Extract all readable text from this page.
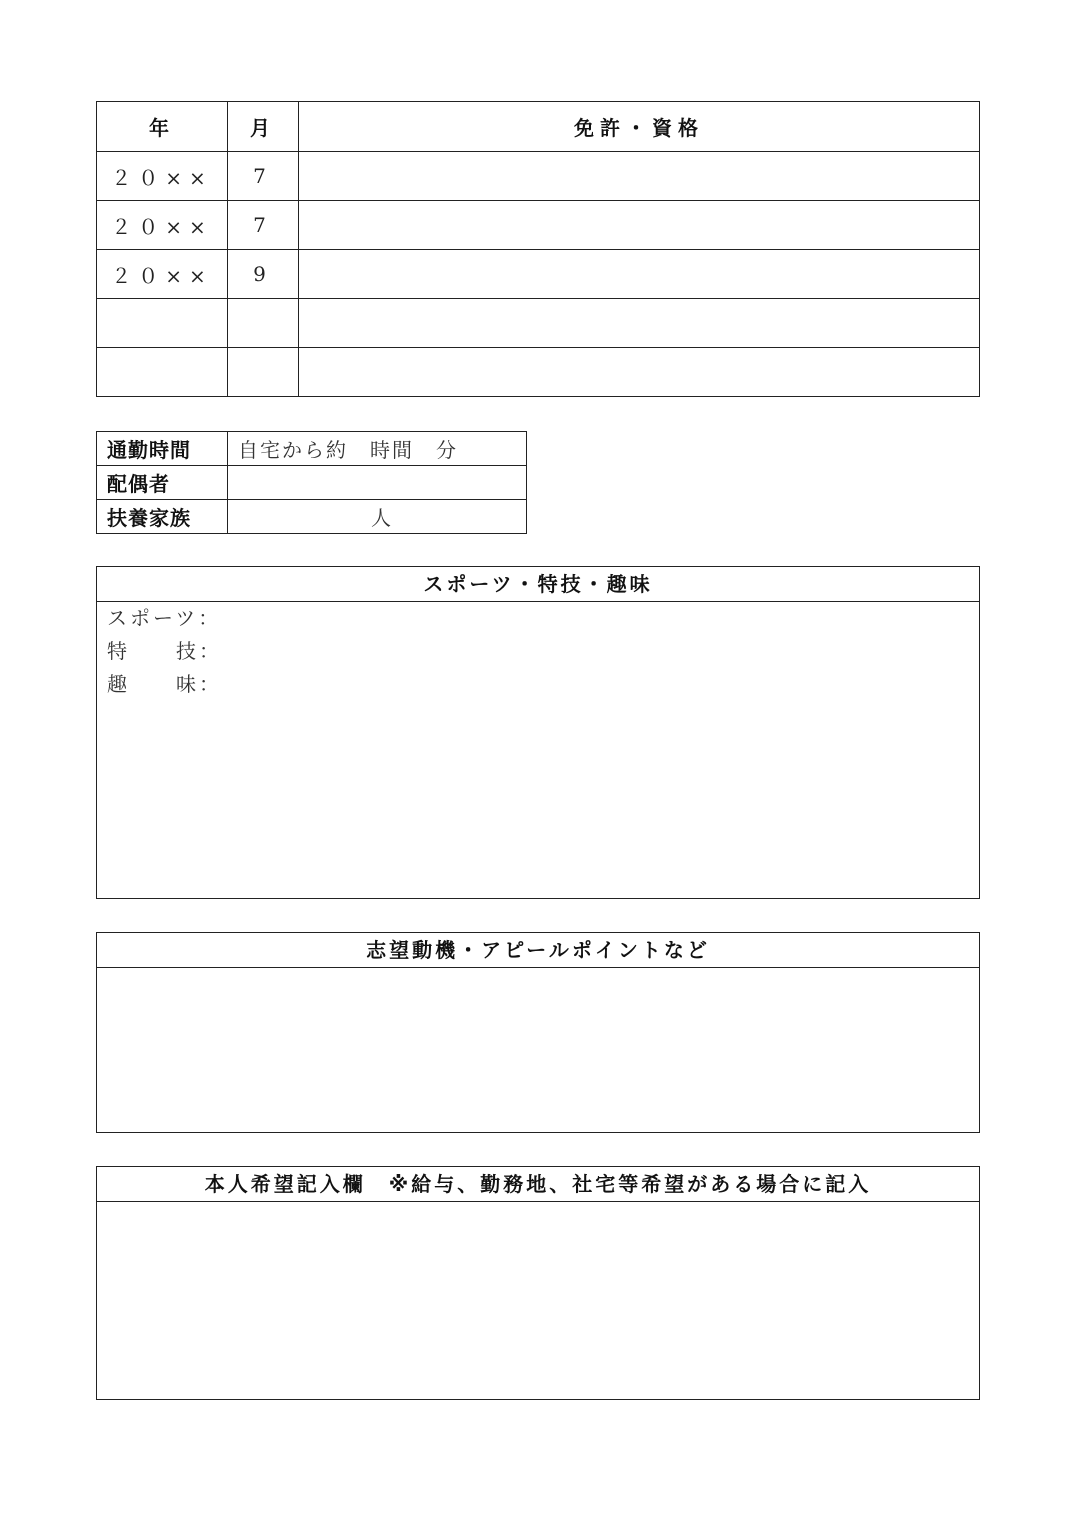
年	月	免許・資格
２０××	7	
２０××	7	
２０××	9	

通勤時間	自宅から約　時間　分
配偶者	
扶養家族	人
スポーツ・特技・趣味
スポーツ：
特　　技：
趣　　味：
志望動機・アピールポイントなど
本人希望記入欄　※給与、勤務地、社宅等希望がある場合に記入
